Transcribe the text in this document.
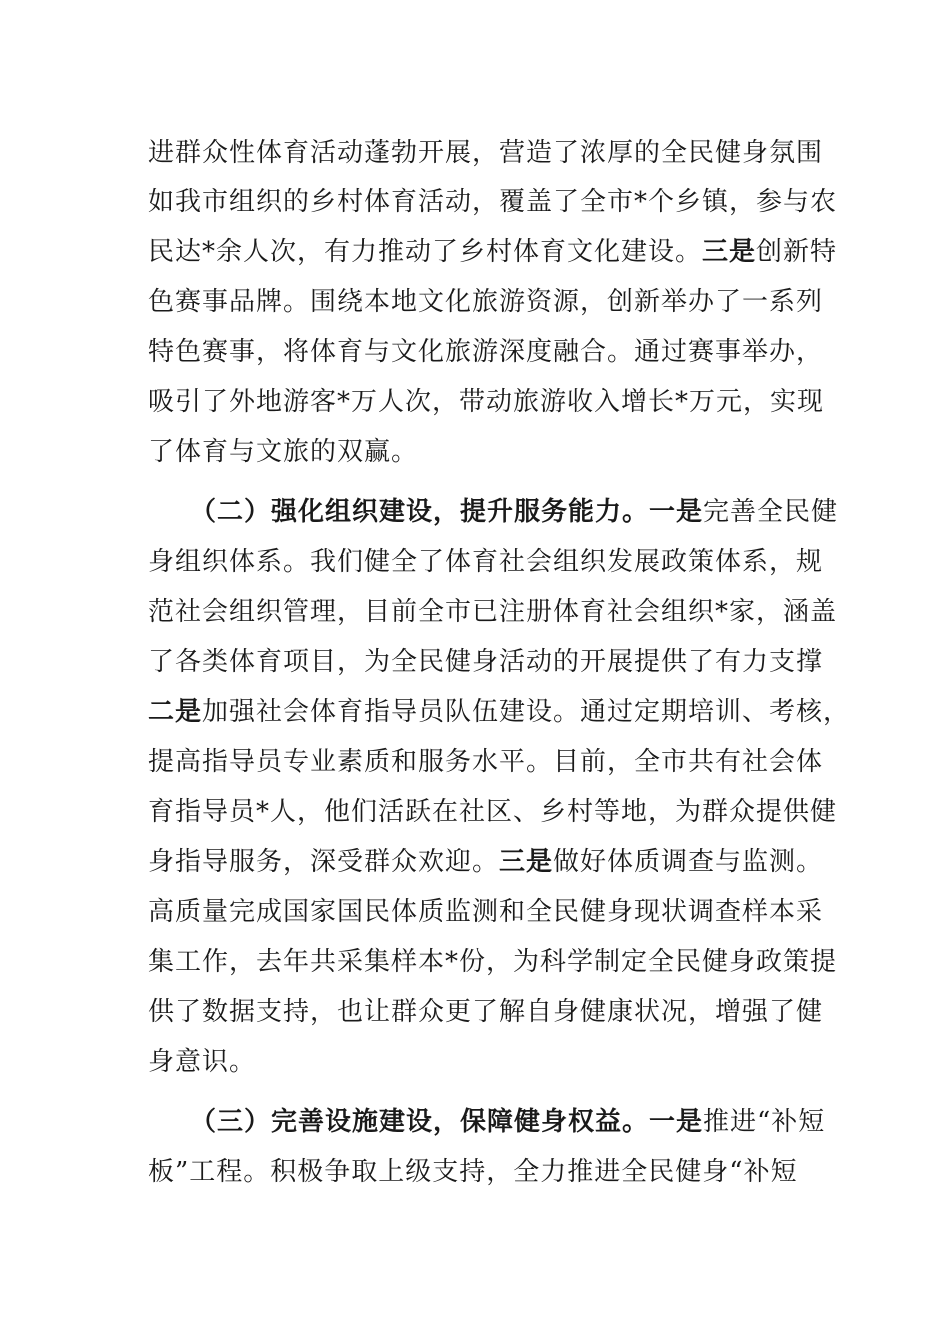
进群众性体育活动蓬勃开展，营造了浓厚的全民健身氛围
如我市组织的乡村体育活动，覆盖了全市*个乡镇，参与农
民达*余人次，有力推动了乡村体育文化建设。三是创新特
色赛事品牌。围绕本地文化旅游资源，创新举办了一系列
特色赛事，将体育与文化旅游深度融合。通过赛事举办，
吸引了外地游客*万人次，带动旅游收入增长*万元，实现
了体育与文旅的双赢。
（二）强化组织建设，提升服务能力。一是完善全民健
身组织体系。我们健全了体育社会组织发展政策体系，规
范社会组织管理，目前全市已注册体育社会组织*家，涵盖
了各类体育项目，为全民健身活动的开展提供了有力支撑
二是加强社会体育指导员队伍建设。通过定期培训、考核，
提高指导员专业素质和服务水平。目前，全市共有社会体
育指导员*人，他们活跃在社区、乡村等地，为群众提供健
身指导服务，深受群众欢迎。三是做好体质调查与监测。
高质量完成国家国民体质监测和全民健身现状调查样本采
集工作，去年共采集样本*份，为科学制定全民健身政策提
供了数据支持，也让群众更了解自身健康状况，增强了健
身意识。
（三）完善设施建设，保障健身权益。一是推进“补短
板”工程。积极争取上级支持，全力推进全民健身“补短
